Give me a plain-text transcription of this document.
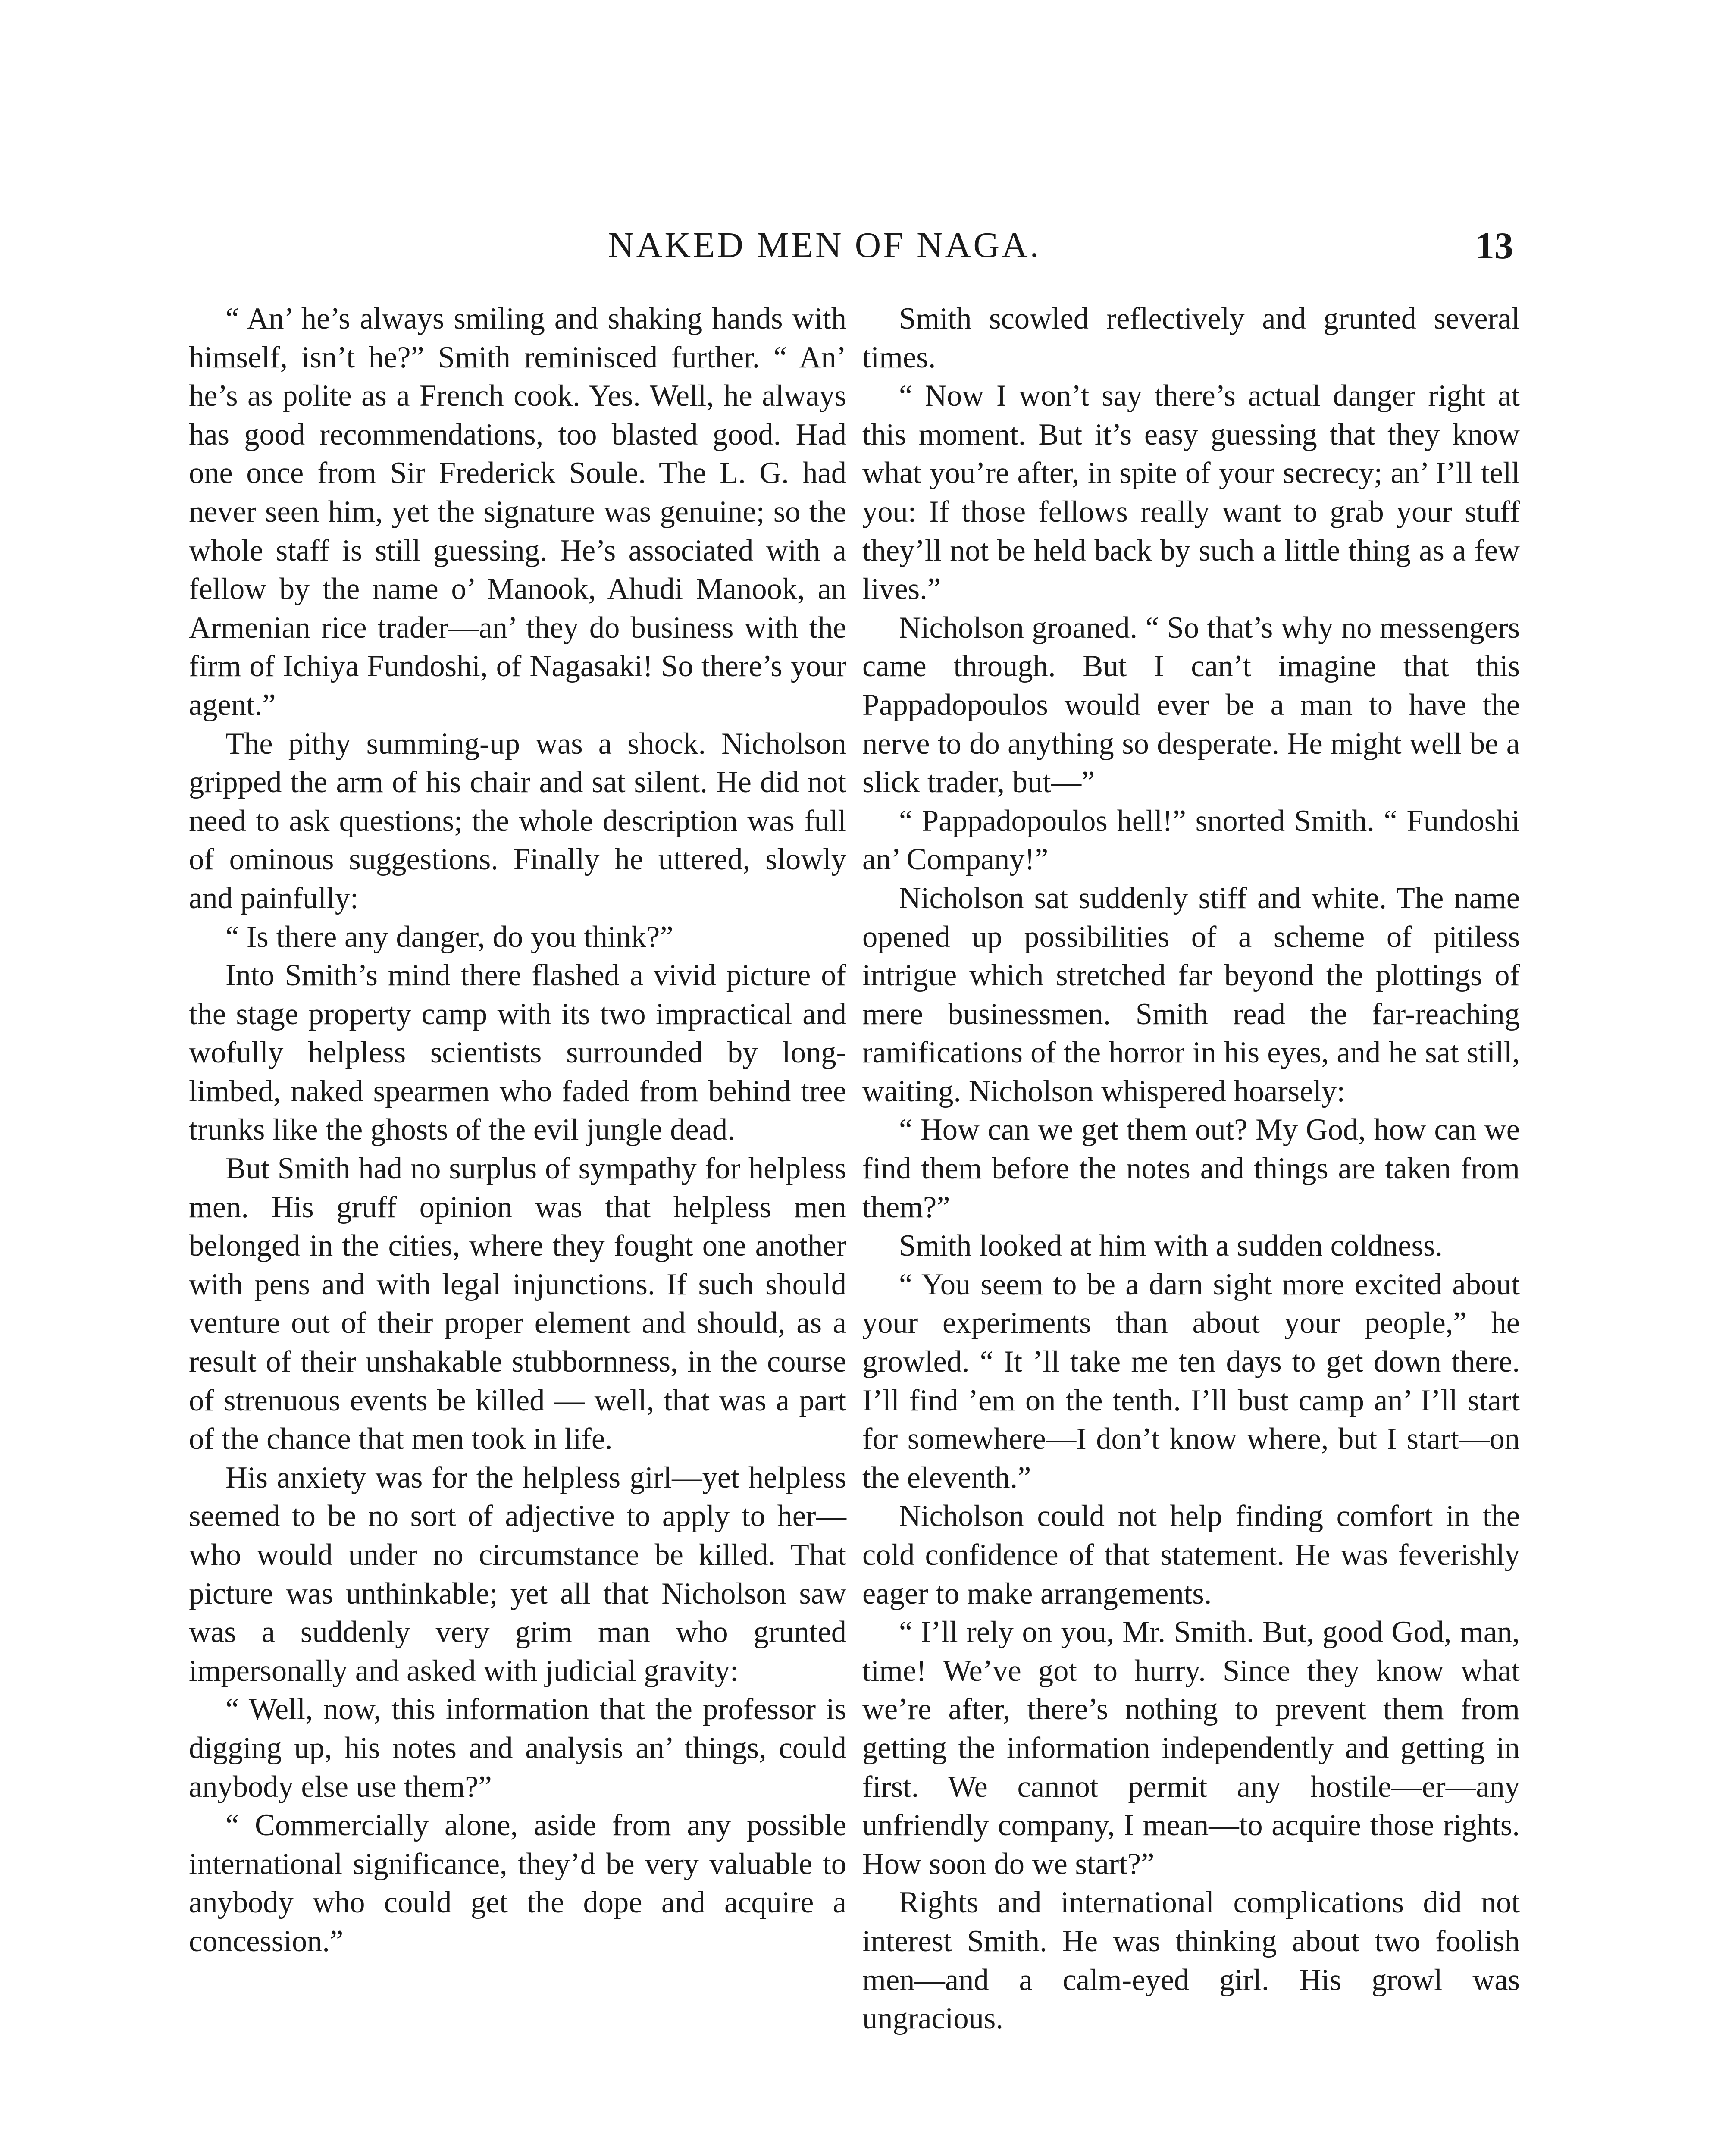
NAKED MEN OF NAGA.	13

“ An’ he’s always smiling and shaking hands with himself, isn’t he?” Smith reminisced further. “ An’ he’s as polite as a French cook. Yes. Well, he always has good recommendations, too blasted good. Had one once from Sir Frederick Soule. The L. G. had never seen him, yet the signature was genuine; so the whole staff is still guessing. He’s associated with a fellow by the name o’ Manook, Ahudi Manook, an Armenian rice trader—an’ they do business with the firm of Ichiya Fundoshi, of Nagasaki! So there’s your agent.”

The pithy summing-up was a shock. Nicholson gripped the arm of his chair and sat silent. He did not need to ask questions; the whole description was full of ominous suggestions. Finally he uttered, slowly and painfully:

“ Is there any danger, do you think?”

Into Smith’s mind there flashed a vivid picture of the stage property camp with its two impractical and wofully helpless scientists surrounded by long-limbed, naked spearmen who faded from behind tree trunks like the ghosts of the evil jungle dead.

But Smith had no surplus of sympathy for helpless men. His gruff opinion was that helpless men belonged in the cities, where they fought one another with pens and with legal injunctions. If such should venture out of their proper element and should, as a result of their unshakable stubbornness, in the course of strenuous events be killed — well, that was a part of the chance that men took in life.

His anxiety was for the helpless girl—yet helpless seemed to be no sort of adjective to apply to her—who would under no circumstance be killed. That picture was unthinkable; yet all that Nicholson saw was a suddenly very grim man who grunted impersonally and asked with judicial gravity:

“ Well, now, this information that the professor is digging up, his notes and analysis an’ things, could anybody else use them?”

“ Commercially alone, aside from any possible international significance, they’d be very valuable to anybody who could get the dope and acquire a concession.”

Smith scowled reflectively and grunted several times.

“ Now I won’t say there’s actual danger right at this moment. But it’s easy guessing that they know what you’re after, in spite of your secrecy; an’ I’ll tell you: If those fellows really want to grab your stuff they’ll not be held back by such a little thing as a few lives.”

Nicholson groaned. “ So that’s why no messengers came through. But I can’t imagine that this Pappadopoulos would ever be a man to have the nerve to do anything so desperate. He might well be a slick trader, but—”

“ Pappadopoulos hell!” snorted Smith. “ Fundoshi an’ Company!”

Nicholson sat suddenly stiff and white. The name opened up possibilities of a scheme of pitiless intrigue which stretched far beyond the plottings of mere businessmen. Smith read the far-reaching ramifications of the horror in his eyes, and he sat still, waiting. Nicholson whispered hoarsely:

“ How can we get them out? My God, how can we find them before the notes and things are taken from them?”

Smith looked at him with a sudden coldness.

“ You seem to be a darn sight more excited about your experiments than about your people,” he growled. “ It ’ll take me ten days to get down there. I’ll find ’em on the tenth. I’ll bust camp an’ I’ll start for somewhere—I don’t know where, but I start—on the eleventh.”

Nicholson could not help finding comfort in the cold confidence of that statement. He was feverishly eager to make arrangements.

“ I’ll rely on you, Mr. Smith. But, good God, man, time! We’ve got to hurry. Since they know what we’re after, there’s nothing to prevent them from getting the information independently and getting in first. We cannot permit any hostile—er—any unfriendly company, I mean—to acquire those rights. How soon do we start?”

Rights and international complications did not interest Smith. He was thinking about two foolish men—and a calm-eyed girl. His growl was ungracious.
